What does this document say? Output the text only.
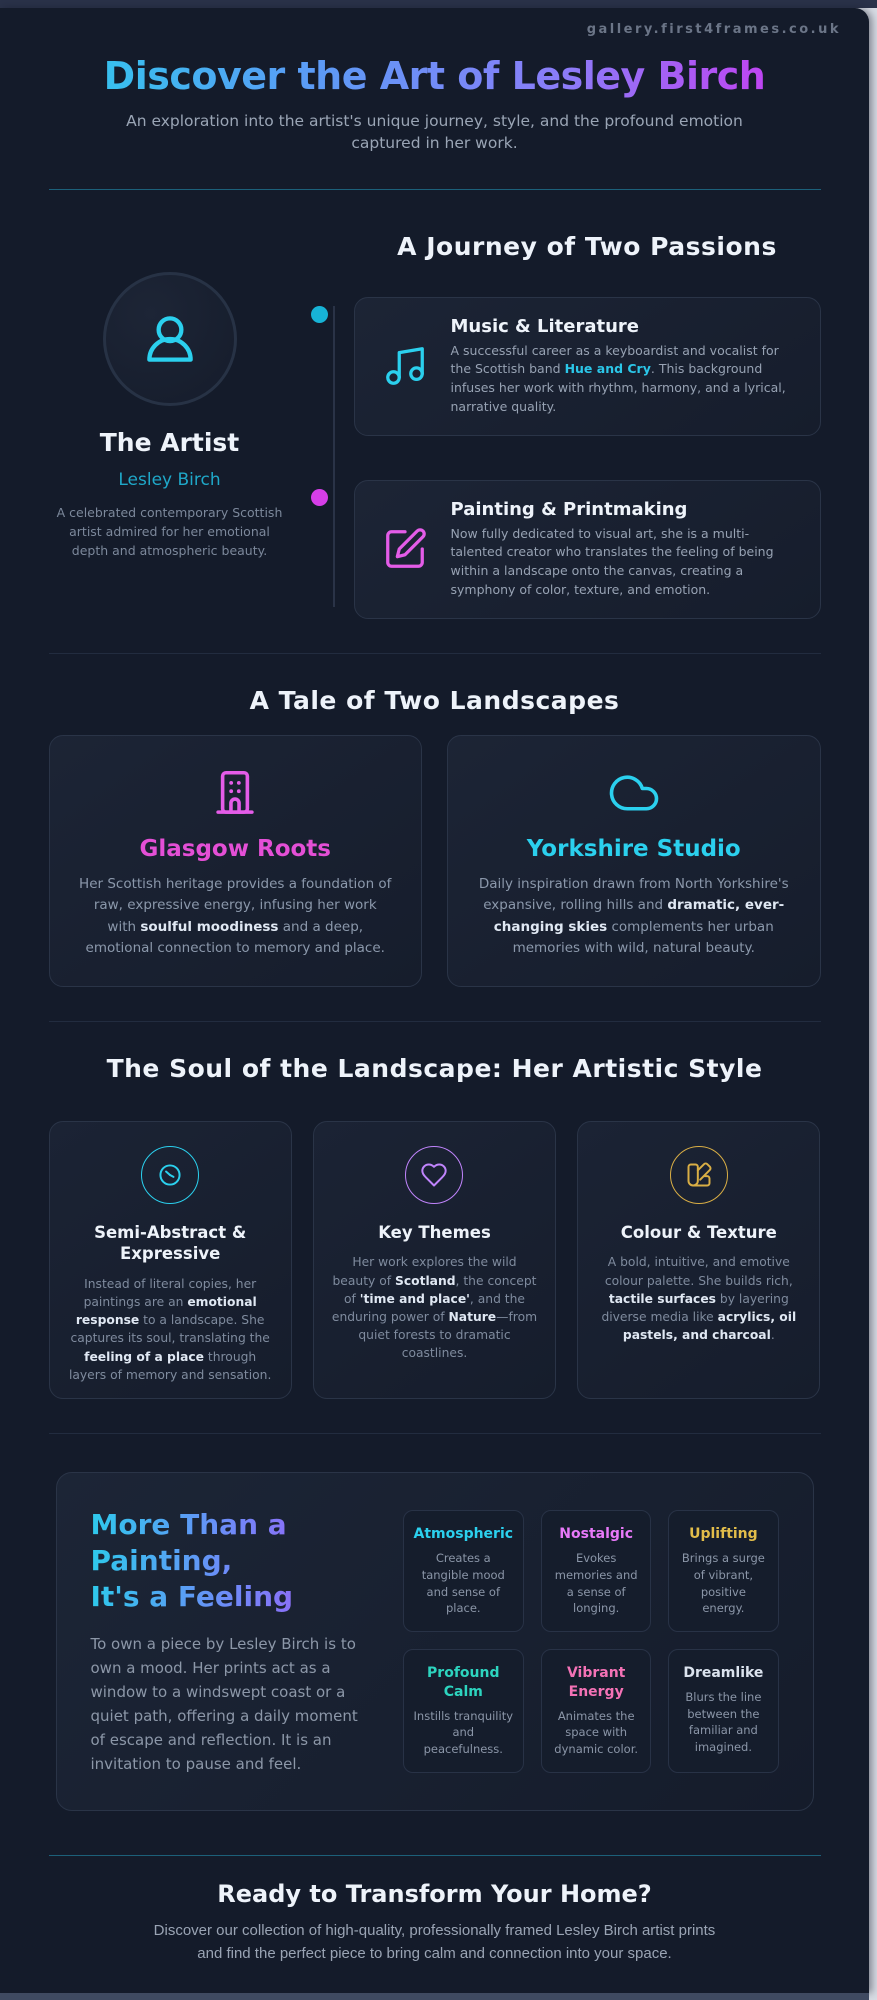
gallery.first4frames.co.uk
Discover the Art of Lesley Birch

An exploration into the artist's unique journey, style, and the profound emotion captured in her work.

The Artist
Lesley Birch

A celebrated contemporary Scottish artist admired for her emotional depth and atmospheric beauty.

A Journey of Two Passions
Music & Literature
A successful career as a keyboardist and vocalist for the Scottish band Hue and Cry. This background infuses her work with rhythm, harmony, and a lyrical, narrative quality.
Painting & Printmaking
Now fully dedicated to visual art, she is a multi-talented creator who translates the feeling of being within a landscape onto the canvas, creating a symphony of color, texture, and emotion.
A Tale of Two Landscapes
Glasgow Roots

Her Scottish heritage provides a foundation of raw, expressive energy, infusing her work with soulful moodiness and a deep, emotional connection to memory and place.

Yorkshire Studio

Daily inspiration drawn from North Yorkshire's expansive, rolling hills and dramatic, ever-changing skies complements her urban memories with wild, natural beauty.

The Soul of the Landscape: Her Artistic Style
Semi-Abstract & Expressive

Instead of literal copies, her paintings are an emotional response to a landscape. She captures its soul, translating the feeling of a place through layers of memory and sensation.

Key Themes

Her work explores the wild beauty of Scotland, the concept of 'time and place', and the enduring power of Nature—from quiet forests to dramatic coastlines.

Colour & Texture

A bold, intuitive, and emotive colour palette. She builds rich, tactile surfaces by layering diverse media like acrylics, oil pastels, and charcoal.

More Than a Painting,
It's a Feeling

To own a piece by Lesley Birch is to own a mood. Her prints act as a window to a windswept coast or a quiet path, offering a daily moment of escape and reflection. It is an invitation to pause and feel.

Atmospheric
Creates a tangible mood and sense of place.
Nostalgic
Evokes memories and a sense of longing.
Uplifting
Brings a surge of vibrant, positive energy.
Profound Calm
Instills tranquility and peacefulness.
Vibrant Energy
Animates the space with dynamic color.
Dreamlike
Blurs the line between the familiar and imagined.
Ready to Transform Your Home?

Discover our collection of high-quality, professionally framed Lesley Birch artist prints and find the perfect piece to bring calm and connection into your space.
